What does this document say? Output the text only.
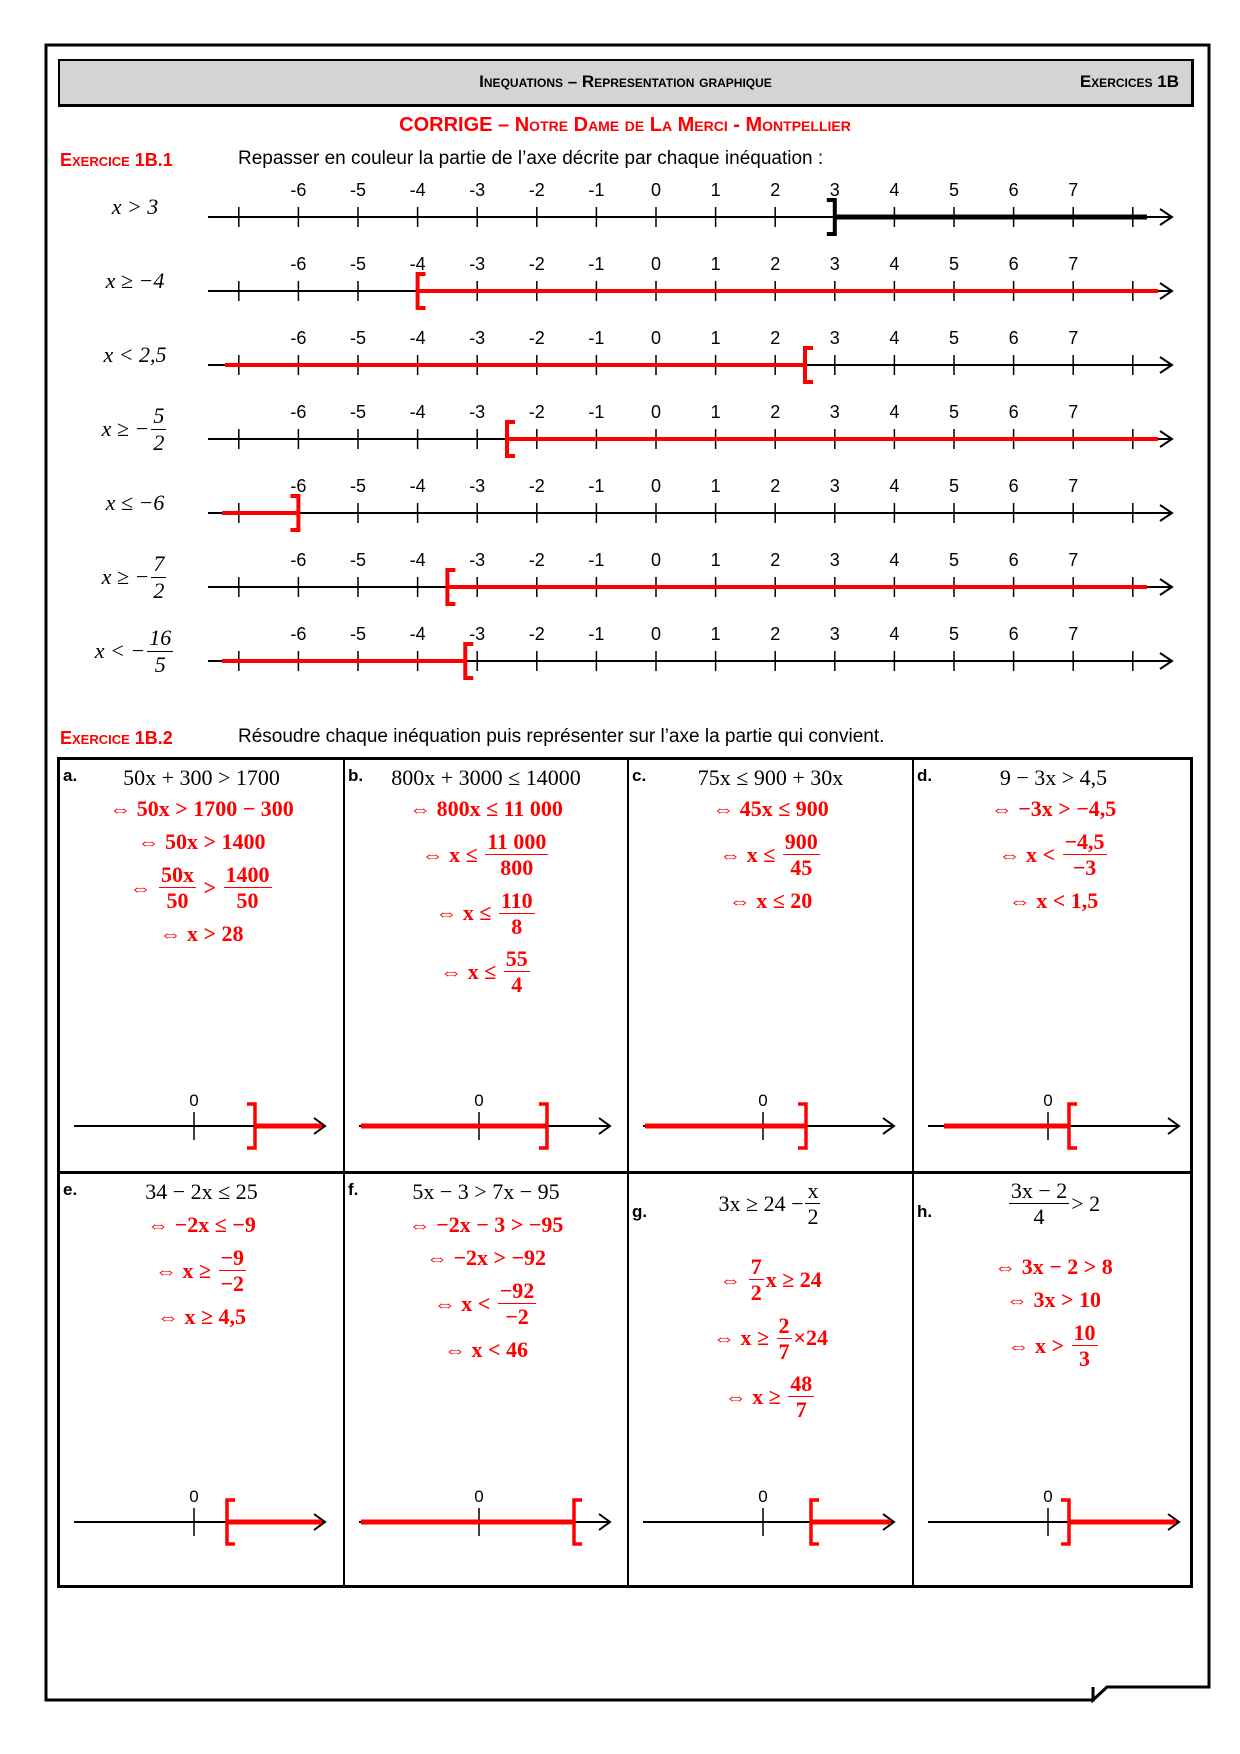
-6 -5 -4 -3 -2 -1	0	1	2	3	4	5	6	7
-6 -5 -4 -3 -2 -1	0	1	2	3	4	5	6	7
-6 -5 -4 -3 -2 -1	0	1	2	3	4	5	6	7
-6 -5 -4 -3 -2 -1	0	1	2	3	4	5	6	7
-6 -5 -4 -3 -2 -1	0	1	2	3	4	5	6	7
-6 -5 -4 -3 -2 -1	0	1	2	3	4	5	6	7
-6 -5 -4 -3 -2 -1	0	1	2	3	4	5	6	7
Inequations – Representation graphique	Exercices 1B
CORRIGE – Notre Dame de La Merci - Montpellier
Exercice 1B.1	Repasser en couleur la partie de l’axe décrite par chaque inéquation :
x > 3
x ≥ −4
x < 2,5
x ≥ − $\frac{5}{2}$
x ≤ −6
x ≥ − $\frac{7}{2}$
x < − $\frac{16}{5}$
Exercice 1B.2	Résoudre chaque inéquation puis représenter sur l’axe la partie qui convient.
a. 50x + 300 > 1700
⇔ 50x > 1700 − 300
⇔ 50x > 1400
⇔ $\frac{50x}{50} > \frac{1400}{50}$
⇔ x > 28
0
b. 800x + 3000 ≤ 14000
⇔ 800x ≤ 11 000
⇔ $x \le \frac{11 000}{800}$
⇔ $x \le \frac{110}{8}$
⇔ $x \le \frac{55}{4}$
0
c. 75x ≤ 900 + 30x
⇔ 45x ≤ 900
⇔ $x \le \frac{900}{45}$
⇔ x ≤ 20
0
d.	9 − 3x > 4,5
⇔ −3x > −4,5
⇔ $x < \frac{-4,5}{-3}$
⇔ x < 1,5
0
e.	34 − 2x ≤ 25
⇔ −2x ≤ −9
⇔ $x \ge \frac{-9}{-2}$
⇔ x ≥ 4,5
0
f. 5x − 3 > 7x − 95
⇔ −2x − 3 > −95
⇔ −2x > −92
⇔ $x < \frac{-92}{-2}$
⇔ x < 46
0
g.	$3x \ge 24 - \frac{x}{2}$
⇔ $\frac{7}{2}$ x ≥ 24
⇔ $x \ge \frac{2}{7} \times 24$
⇔ $x \ge \frac{48}{7}$
0
h.	$\frac{3x - 2}{4} > 2$
⇔ 3x − 2 > 8
⇔ 3x > 10
⇔ $x > \frac{10}{3}$
0
